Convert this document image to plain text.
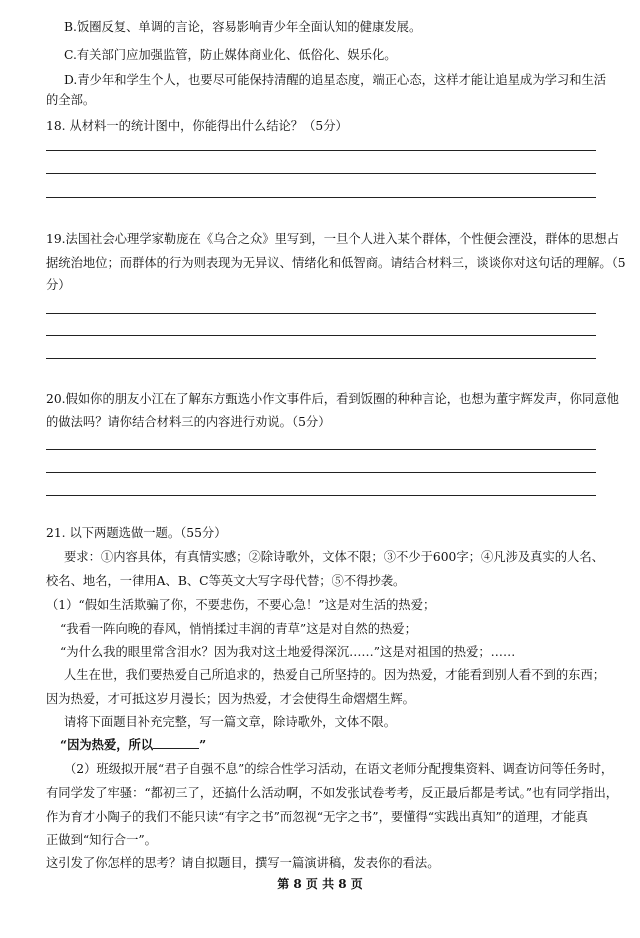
B.饭圈反复、单调的言论，容易影响青少年全面认知的健康发展。
C.有关部门应加强监管，防止媒体商业化、低俗化、娱乐化。
D.青少年和学生个人，也要尽可能保持清醒的追星态度，端正心态，这样才能让追星成为学习和生活
的全部。
18. 从材料一的统计图中，你能得出什么结论？（5分）
19.法国社会心理学家勒庞在《乌合之众》里写到，一旦个人进入某个群体，个性便会湮没，群体的思想占
据统治地位；而群体的行为则表现为无异议、情绪化和低智商。请结合材料三，谈谈你对这句话的理解。（5
分）
20.假如你的朋友小江在了解东方甄选小作文事件后，看到饭圈的种种言论，也想为董宇辉发声，你同意他
的做法吗？请你结合材料三的内容进行劝说。（5分）
21. 以下两题选做一题。（55分）
要求：①内容具体，有真情实感；②除诗歌外，文体不限；③不少于600字；④凡涉及真实的人名、
校名、地名，一律用A、B、C等英文大写字母代替；⑤不得抄袭。
（1）“假如生活欺骗了你，不要悲伤，不要心急！”这是对生活的热爱；
“我看一阵向晚的春风，悄悄揉过丰润的青草”这是对自然的热爱；
“为什么我的眼里常含泪水？因为我对这土地爱得深沉……”这是对祖国的热爱；……
人生在世，我们要热爱自己所追求的，热爱自己所坚持的。因为热爱，才能看到别人看不到的东西；
因为热爱，才可抵这岁月漫长；因为热爱，才会使得生命熠熠生辉。
请将下面题目补充完整，写一篇文章，除诗歌外，文体不限。
“因为热爱，所以	”
（2）班级拟开展“君子自强不息”的综合性学习活动，在语文老师分配搜集资料、调查访问等任务时，
有同学发了牢骚：“都初三了，还搞什么活动啊，不如发张试卷考考，反正最后都是考试。”也有同学指出，
作为育才小陶子的我们不能只读“有字之书”而忽视“无字之书”，要懂得“实践出真知”的道理，才能真
正做到“知行合一”。
这引发了你怎样的思考？请自拟题目，撰写一篇演讲稿，发表你的看法。
第 8 页 共 8 页
